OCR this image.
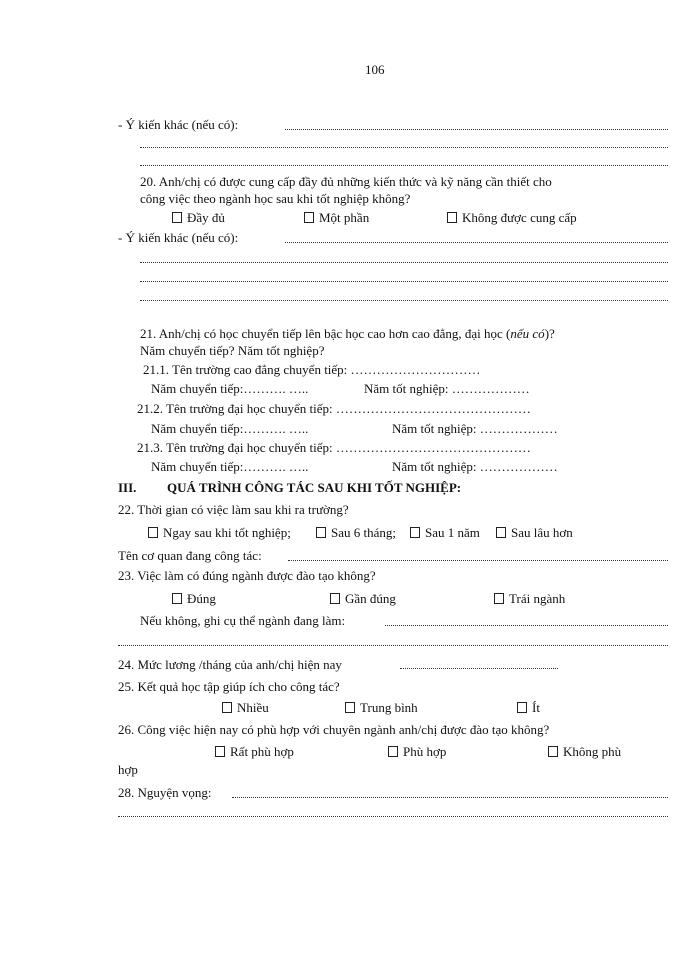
106
- Ý kiến khác (nếu có):
20. Anh/chị có được cung cấp đầy đủ những kiến thức và kỹ năng cần thiết cho
công việc theo ngành học sau khi tốt nghiệp không?
Đầy đủ	Một phần	Không được cung cấp
- Ý kiến khác (nếu có):
21. Anh/chị có học chuyển tiếp lên bậc học cao hơn cao đẳng, đại học (nếu có)?
Năm chuyển tiếp? Năm tốt nghiệp?
21.1. Tên trường cao đẳng chuyển tiếp: …………………………
Năm chuyển tiếp:………. …..	Năm tốt nghiệp: ………………
21.2. Tên trường đại học chuyển tiếp: ………………………………………
Năm chuyển tiếp:………. …..	Năm tốt nghiệp: ………………
21.3. Tên trường đại học chuyển tiếp: ………………………………………
Năm chuyển tiếp:………. …..	Năm tốt nghiệp: ………………
III. QUÁ TRÌNH CÔNG TÁC SAU KHI TỐT NGHIỆP:
22. Thời gian có việc làm sau khi ra trường?
Ngay sau khi tốt nghiệp;	Sau 6 tháng;	Sau 1 năm	Sau lâu hơn
Tên cơ quan đang công tác:
23. Việc làm có đúng ngành được đào tạo không?
Đúng	Gần đúng	Trái ngành
Nếu không, ghi cụ thể ngành đang làm:
24. Mức lương /tháng của anh/chị hiện nay
25. Kết quả học tập giúp ích cho công tác?
Nhiều	Trung bình	Ít
26. Công việc hiện nay có phù hợp với chuyên ngành anh/chị được đào tạo không?
Rất phù hợp	Phù hợp	Không phù
hợp
28. Nguyện vọng:
